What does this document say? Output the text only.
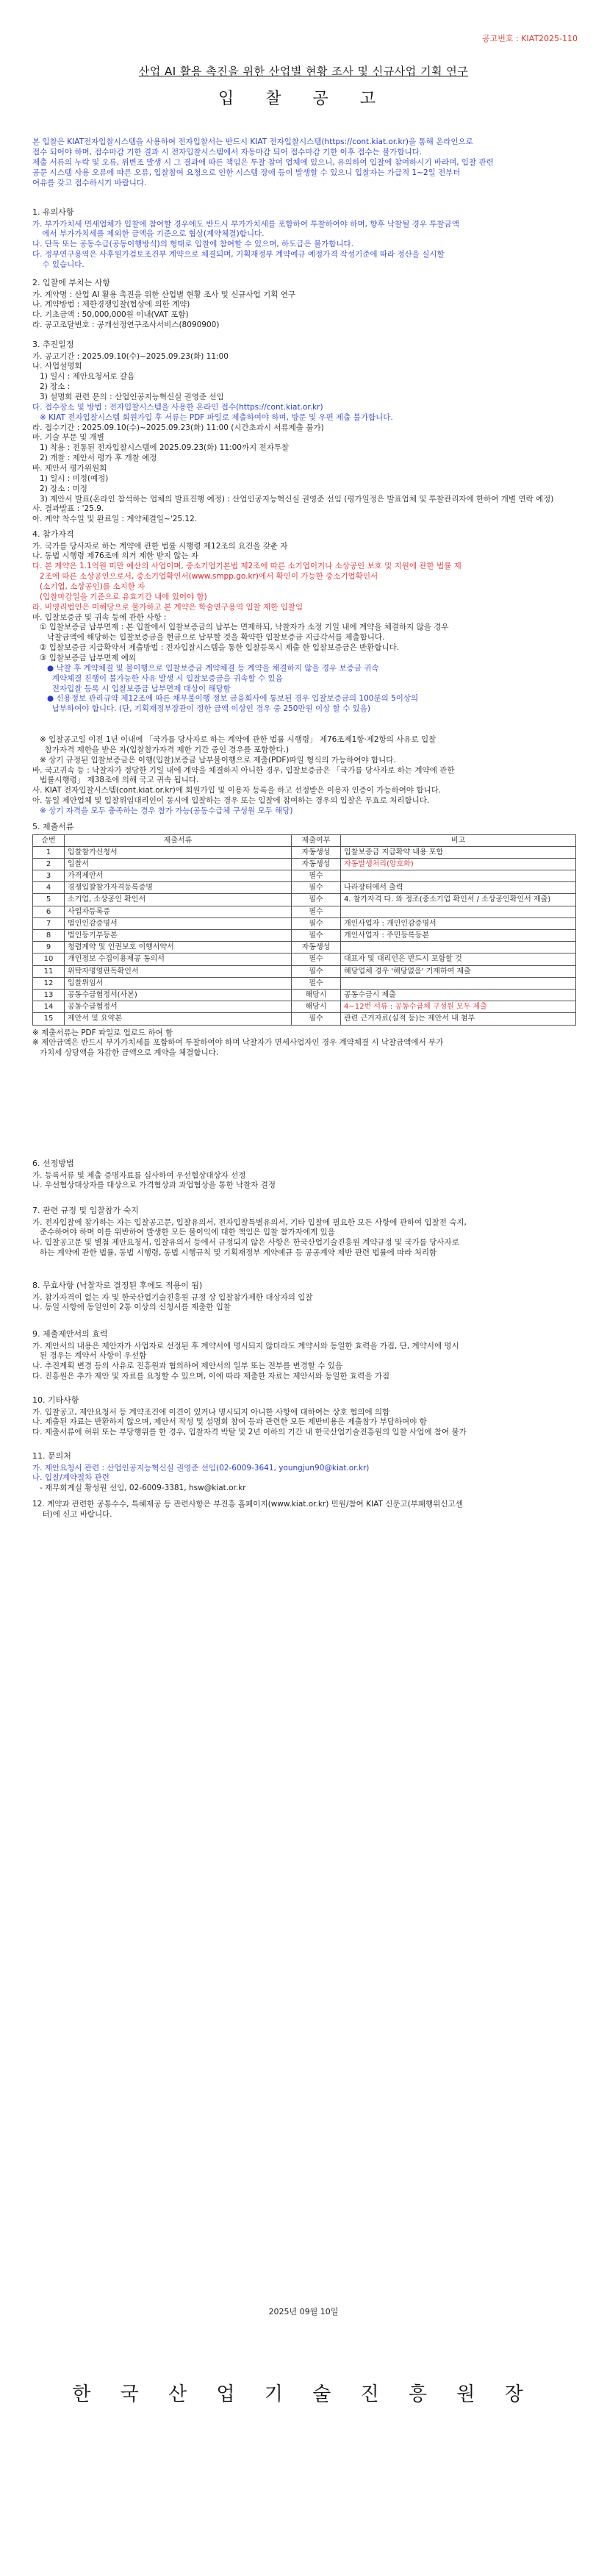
공고번호 : KIAT2025-110
산업 AI 활용 촉진을 위한 산업별 현황 조사 및 신규사업 기획 연구
입 찰 공 고

본 입찰은 KIAT전자입찰시스템을 사용하여 전자입찰서는 반드시 KIAT 전자입찰시스템(https://cont.kiat.or.kr)을 통해 온라인으로

접수 되어야 하며, 접수마감 기한 결과 시 전자입찰시스템에서 자동마감 되어 접수마감 기한 이후 접수는 불가합니다.

제출 서류의 누락 및 오류, 위변조 발생 시 그 결과에 따른 책임은 투찰 참여 업체에 있으니, 유의하여 입찰에 참여하시기 바라며, 입찰 관련

공문 시스템 사용 오류에 따른 오류, 입찰참여 요청으로 인한 시스템 장애 등이 발생할 수 있으니 입찰자는 가급적 1~2일 전부터

여유를 갖고 접수하시기 바랍니다.

1. 유의사항

가. 부가가치세 면세업체가 입찰에 참여할 경우에도 반드시 부가가치세를 포함하여 투찰하여야 하며, 향후 낙찰될 경우 투찰금액

에서 부가가치세를 제외한 금액을 기준으로 협상(계약체결)합니다.

나. 단독 또는 공동수급(공동이행방식)의 형태로 입찰에 참여할 수 있으며, 하도급은 불가합니다.

다. 정부연구용역은 사후원가검토조건부 계약으로 체결되며, 기획재정부 계약예규 예정가격 작성기준에 따라 정산을 실시할

수 있습니다.

2. 입찰에 부치는 사항

가. 계약명 : 산업 AI 활용 촉진을 위한 산업별 현황 조사 및 신규사업 기획 연구

나. 계약방법 : 제한경쟁입찰(협상에 의한 계약)

다. 기초금액 : 50,000,000원 이내(VAT 포함)

라. 공고조달번호 : 공개선정연구조사서비스(8090900)

3. 추진일정

가. 공고기간 : 2025.09.10(수)~2025.09.23(화) 11:00

나. 사업설명회

1) 일시 : 제안요청서로 갈음

2) 장소 :

3) 설명회 관련 문의 : 산업인공지능혁신실 권영준 선임

다. 접수장소 및 방법 : 전자입찰시스템을 사용한 온라인 접수(https://cont.kiat.or.kr)

※ KIAT 전자입찰시스템 회원가입 후 서류는 PDF 파일로 제출하여야 하며, 방문 및 우편 제출 불가합니다.

라. 접수기간 : 2025.09.10(수)~2025.09.23(화) 11:00 (시간초과시 서류제출 불가)

마. 기술 부문 및 개별

1) 착용 : 전통된 전자입찰시스템에 2025.09.23(화) 11:00까지 전자투찰

2) 개찰 : 제안서 평가 후 개찰 예정

바. 제안서 평가위원회

1) 일시 : 미정(예정)

2) 장소 : 미정

3) 제안서 발표(온라인 참석하는 업체의 발표진행 예정) : 산업인공지능혁신실 권영준 선임 (평가일정은 발표업체 및 투찰관리자에 한하여 개별 연락 예정)

사. 결과발표 : '25.9.

아. 계약 착수일 및 완료일 : 계약체결일~'25.12.

4. 참가자격

가. 국가를 당사자로 하는 계약에 관한 법률 시행령 제12조의 요건을 갖춘 자

나. 동법 시행령 제76조에 의거 제한 받지 않는 자

다. 본 계약은 1.1억원 미만 예산의 사업이며, 중소기업기본법 제2조에 따른 소기업이거나 소상공인 보호 및 지원에 관한 법률 제

2조에 따른 소상공인으로서, 중소기업확인서(www.smpp.go.kr)에서 확인이 가능한 중소기업확인서

(소기업, 소상공인)를 소지한 자

(입찰마감일을 기준으로 유효기간 내에 있어야 함)

라. 비영리법인은 미해당으로 불가하고 본 계약은 학술연구용역 입찰 제한 입찰임

마. 입찰보증금 및 귀속 등에 관한 사항 :

① 입찰보증금 납부면제 : 본 입찰에서 입찰보증금의 납부는 면제하되, 낙찰자가 소정 기일 내에 계약을 체결하지 않을 경우

낙찰금액에 해당하는 입찰보증금을 현금으로 납부할 것을 확약한 입찰보증금 지급각서를 제출합니다.

② 입찰보증금 지급확약서 제출방법 : 전자입찰시스템을 통한 입찰등록시 제출 한 입찰보증금은 반환합니다.

③ 입찰보증금 납부면제 예외

● 낙찰 후 계약체결 및 불이행으로 입찰보증금 계약체결 등 계약을 채결하지 않을 경우 보증금 귀속

계약체결 진행이 불가능한 사유 발생 시 입찰보증금을 귀속할 수 있음

전자입찰 등록 시 입찰보증금 납부면제 대상이 해당함

● 신용정보 관리규약 제12조에 따른 채무불이행 정보 금융회사에 통보된 경우 입찰보증금의 100분의 5이상의

납부하여야 합니다. (단, 기획재정부장관이 정한 금액 이상인 경우 중 250만원 이상 할 수 있음)

※ 입찰공고일 이전 1년 이내에 「국가를 당사자로 하는 계약에 관한 법률 시행령」 제76조제1항·제2항의 사유로 입찰

참가자격 제한을 받은 자(입찰참가자격 제한 기간 중인 경우를 포함한다.)

※ 상기 규정된 입찰보증금은 이행(입찰)보증금 납부불이행으로 제출(PDF)파일 형식의 가능하여야 합니다.

바. 국고귀속 등 : 낙찰자가 정당한 기일 내에 계약을 체결하지 아니한 경우, 입찰보증금은 「국가를 당사자로 하는 계약에 관한

법률시행령」 제38조에 의해 국고 귀속 됩니다.

사. KIAT 전자입찰시스템(cont.kiat.or.kr)에 회원가입 및 이용자 등록을 하고 선정받은 이용자 인증이 가능하여야 합니다.

아. 동일 제안업체 및 입찰위임대리인이 동시에 입찰하는 경우 또는 입찰에 참여하는 경우의 입찰은 무효로 처리합니다.

※ 상기 자격을 모두 충족하는 경우 참가 가능(공동수급체 구성원 모두 해당)

5. 제출서류
순번	제출서류	제출여부	비고
1	입찰참가신청서	자동생성	입찰보증금 지급확약 내용 포함
2	입찰서	자동생성	자동발생처리(암호화)
3	가격제안서	필수	
4	경쟁입찰참가자격등록증명	필수	나라장터에서 출력
5	소기업, 소상공인 확인서	필수	4. 참가자격 다. 와 정조(중소기업 확인서 / 소상공인확인서 제출)
6	사업자등록증	필수	
7	법인인감증명서	필수	개인사업자 : 개인인감증명서
8	법인등기부등본	필수	개인사업자 : 주민등록등본
9	청렴계약 및 인권보호 이행서약서	자동생성	
10	개인정보 수집이용제공 동의서	필수	대표자 및 대리인은 반드시 포함할 것
11	위탁자명영판독확인서	필수	해당업체 경우 '해당없음' 기재하여 제출
12	입찰위임서	필수	
13	공동수급협정서(사본)	해당시	공동수급시 제출
14	공동수급협정서	해당시	4~12번 서류 : 공동수급체 구성원 모두 제출
15	제안서 및 요약본	필수	관련 근거자료(실적 등)는 제안서 내 첨부

※ 제출서류는 PDF 파일로 업로드 하여 함

※ 제안금액은 반드시 부가가치세를 포함하여 투찰하여야 하며 낙찰자가 면세사업자인 경우 계약체결 시 낙찰금액에서 부가

가치세 상당액을 차감한 금액으로 계약을 체결합니다.

6. 선정방법

가. 등록서류 및 제출 증명자료를 심사하여 우선협상대상자 선정

나. 우선협상대상자를 대상으로 가격협상과 과업협상을 통한 낙찰자 결정

7. 관련 규정 및 입찰참가 숙지

가. 전자입찰에 참가하는 자는 입찰공고문, 입찰유의서, 전자입찰특별유의서, 기타 입찰에 필요한 모든 사항에 관하여 입찰전 숙지,

준수하여야 하며 이를 위반하여 발생한 모든 불이익에 대한 책임은 입찰 참가자에게 있음

나. 입찰공고문 및 별첨 제안요청서, 입찰유의서 등에서 규정되지 않은 사항은 한국산업기술진흥원 계약규정 및 국가를 당사자로

하는 계약에 관한 법률, 동법 시행령, 동법 시행규칙 및 기획재정부 계약예규 등 공공계약 제반 관련 법률에 따라 처리함

8. 무효사항 (낙찰자로 결정된 후에도 적용이 됨)

가. 참가자격이 없는 자 및 한국산업기술진흥원 규정 상 입찰참가제한 대상자의 입찰

나. 동일 사항에 동일인이 2통 이상의 신청서를 제출한 입찰

9. 제출제안서의 효력

가. 제안서의 내용은 제안자가 사업자로 선정된 후 계약서에 명시되지 않더라도 계약서와 동일한 효력을 가짐, 단, 계약서에 명시

된 경우는 계약서 사항이 우선함

나. 추진계획 변경 등의 사유로 진흥원과 협의하여 제안서의 일부 또는 전부를 변경할 수 있음

다. 진흥원은 추가 제안 및 자료를 요청할 수 있으며, 이에 따라 제출한 자료는 제안서와 동일한 효력을 가짐

10. 기타사항

가. 입찰공고, 제안요청서 등 계약조건에 이견이 있거나 명시되지 아니한 사항에 대하여는 상호 협의에 의함

나. 제출된 자료는 반환하지 않으며, 제안서 작성 및 설명회 참여 등과 관련한 모든 제반비용은 제출참가 부담하여야 함

다. 제출서류에 허위 또는 부당행위를 한 경우, 입찰자격 박탈 및 2년 이하의 기간 내 한국산업기술진흥원의 입찰 사업에 참여 불가

11. 문의처

가. 제안요청서 관련 : 산업인공지능혁신실 권영준 선임(02-6009-3641, youngjun90@kiat.or.kr)

나. 입찰/계약절차 관련

- 재무회계실 황성원 선임, 02-6009-3381, hsw@kiat.or.kr

12. 계약과 관련한 공통수수, 특혜제공 등 관련사항은 부진흥 홈페이지(www.kiat.or.kr) 민원/참여 KIAT 신문고(부패행위신고센

터)에 신고 바랍니다.

2025년 09월 10일
한 국 산 업 기 술 진 흥 원 장
